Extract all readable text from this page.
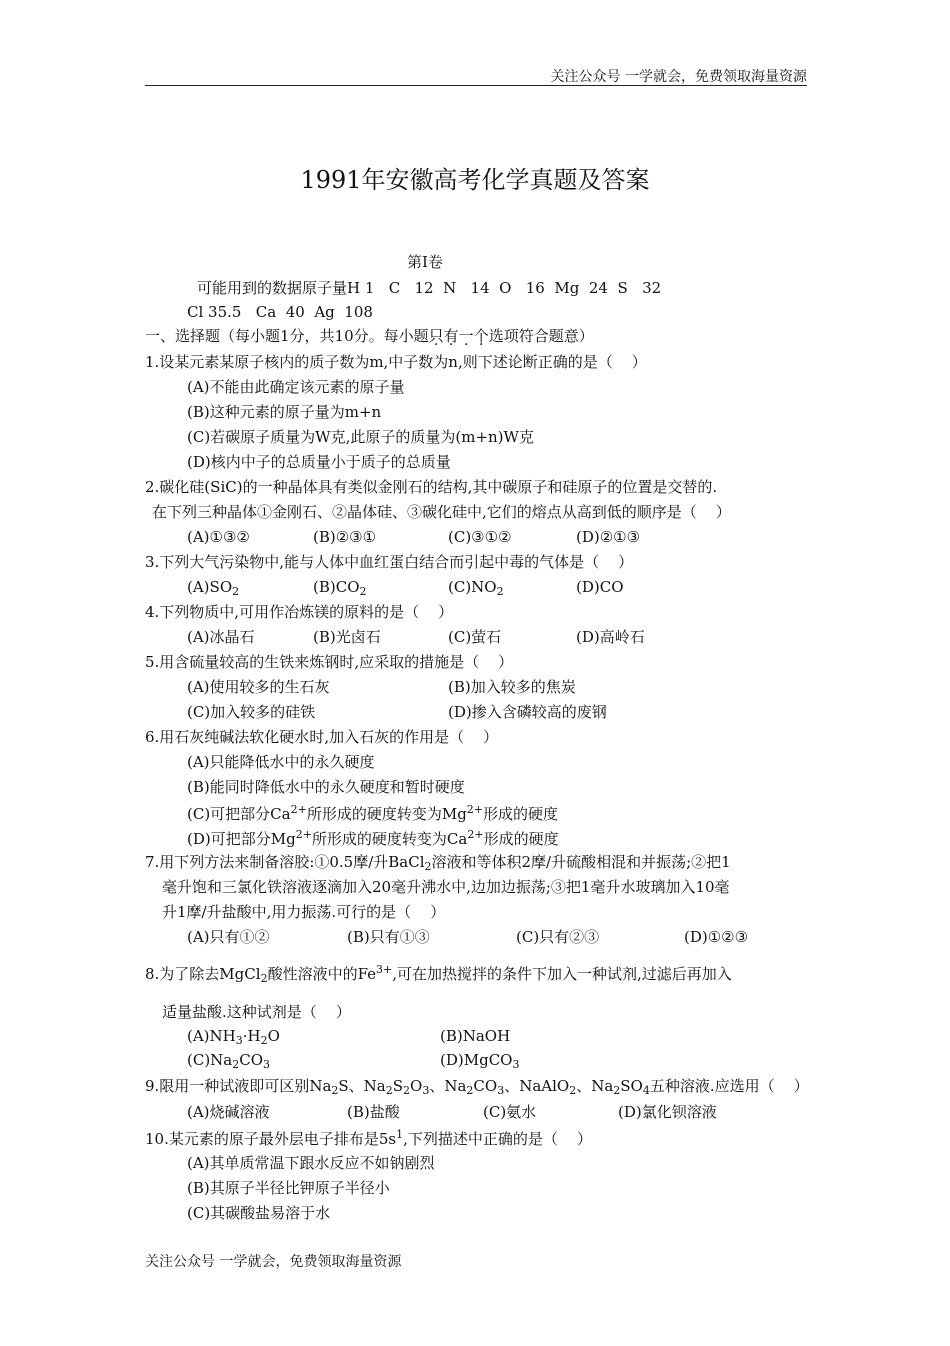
关注公众号 一学就会，免费领取海量资源
1991年安徽高考化学真题及答案
第Ⅰ卷
可能用到的数据原子量H 1   C   12  N   14  O   16  Mg  24  S   32
Cl 35.5   Ca  40  Ag  108
一、选择题（每小题1分，共10分。每小题只有一个选项符合题意）
1.设某元素某原子核内的质子数为m,中子数为n,则下述论断正确的是（    ）
(A)不能由此确定该元素的原子量
(B)这种元素的原子量为m+n
(C)若碳原子质量为W克,此原子的质量为(m+n)W克
(D)核内中子的总质量小于质子的总质量
2.碳化硅(SiC)的一种晶体具有类似金刚石的结构,其中碳原子和硅原子的位置是交替的.
在下列三种晶体①金刚石、②晶体硅、③碳化硅中,它们的熔点从高到低的顺序是（    ）
(A)①③②	(B)②③①	(C)③①②	(D)②①③
3.下列大气污染物中,能与人体中血红蛋白结合而引起中毒的气体是（    ）
$(A)SO_2$	$(B)CO_2$	$(C)NO_2$	(D)CO
4.下列物质中,可用作冶炼镁的原料的是（    ）
(A)冰晶石	(B)光卤石	(C)萤石	(D)高岭石
5.用含硫量较高的生铁来炼钢时,应采取的措施是（    ）
(A)使用较多的生石灰	(B)加入较多的焦炭
(C)加入较多的硅铁	(D)掺入含磷较高的废钢
6.用石灰纯碱法软化硬水时,加入石灰的作用是（    ）
(A)只能降低水中的永久硬度
(B)能同时降低水中的永久硬度和暂时硬度
(C)可把部分$Ca^{2+}$所形成的硬度转变为$Mg^{2+}$形成的硬度
(D)可把部分$Mg^{2+}$所形成的硬度转变为$Ca^{2+}$形成的硬度
7.用下列方法来制备溶胶:①0.5摩/升BaCl$_2$溶液和等体积2摩/升硫酸相混和并振荡;②把1
毫升饱和三氯化铁溶液逐滴加入20毫升沸水中,边加边振荡;③把1毫升水玻璃加入10毫
升1摩/升盐酸中,用力振荡.可行的是（    ）
(A)只有①②	(B)只有①③	(C)只有②③	(D)①②③
8.为了除去MgCl$_2$酸性溶液中的$Fe^{3+}$,可在加热搅拌的条件下加入一种试剂,过滤后再加入
适量盐酸.这种试剂是（    ）
$(A)NH_3\cdot H_2O$	(B)NaOH
$(C)Na_2CO_3$	(D)MgCO$_3$
9.限用一种试液即可区别$Na_2S$、$Na_2S_2O_3$、$Na_2CO_3$、NaAlO$_2$、$Na_2SO_4$五种溶液.应选用（    ）
(A)烧碱溶液	(B)盐酸	(C)氨水	(D)氯化钡溶液
10.某元素的原子最外层电子排布是$5s^1$,下列描述中正确的是（    ）
(A)其单质常温下跟水反应不如钠剧烈
(B)其原子半径比钾原子半径小
(C)其碳酸盐易溶于水
关注公众号 一学就会，免费领取海量资源
